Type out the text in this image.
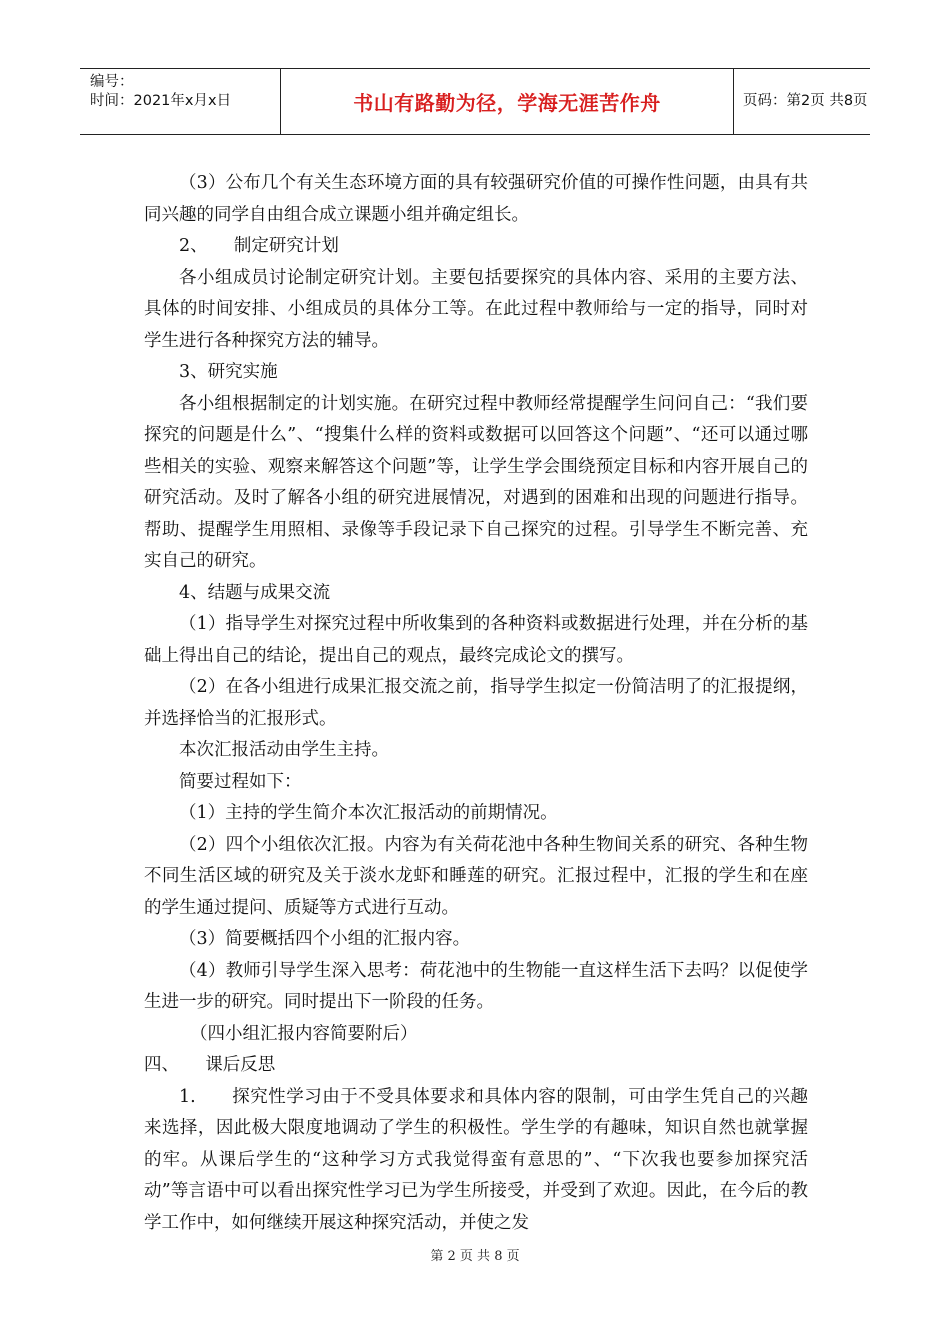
编号：
时间：2021年x月x日	书山有路勤为径，学海无涯苦作舟	页码：第2页 共8页

（3）公布几个有关生态环境方面的具有较强研究价值的可操作性问题，由具有共同兴趣的同学自由组合成立课题小组并确定组长。

2、　　制定研究计划

各小组成员讨论制定研究计划。主要包括要探究的具体内容、采用的主要方法、具体的时间安排、小组成员的具体分工等。在此过程中教师给与一定的指导，同时对学生进行各种探究方法的辅导。

3、研究实施

各小组根据制定的计划实施。在研究过程中教师经常提醒学生问问自己：“我们要探究的问题是什么”、“搜集什么样的资料或数据可以回答这个问题”、“还可以通过哪些相关的实验、观察来解答这个问题”等，让学生学会围绕预定目标和内容开展自己的研究活动。及时了解各小组的研究进展情况，对遇到的困难和出现的问题进行指导。帮助、提醒学生用照相、录像等手段记录下自己探究的过程。引导学生不断完善、充实自己的研究。

4、结题与成果交流

（1）指导学生对探究过程中所收集到的各种资料或数据进行处理，并在分析的基础上得出自己的结论，提出自己的观点，最终完成论文的撰写。

（2）在各小组进行成果汇报交流之前，指导学生拟定一份简洁明了的汇报提纲，并选择恰当的汇报形式。

本次汇报活动由学生主持。

简要过程如下：

（1）主持的学生简介本次汇报活动的前期情况。

（2）四个小组依次汇报。内容为有关荷花池中各种生物间关系的研究、各种生物不同生活区域的研究及关于淡水龙虾和睡莲的研究。汇报过程中，汇报的学生和在座的学生通过提问、质疑等方式进行互动。

（3）简要概括四个小组的汇报内容。

（4）教师引导学生深入思考：荷花池中的生物能一直这样生活下去吗？以促使学生进一步的研究。同时提出下一阶段的任务。

（四小组汇报内容简要附后）

四、　　课后反思

1.　　探究性学习由于不受具体要求和具体内容的限制，可由学生凭自己的兴趣来选择，因此极大限度地调动了学生的积极性。学生学的有趣味，知识自然也就掌握的牢。从课后学生的“这种学习方式我觉得蛮有意思的”、“下次我也要参加探究活动”等言语中可以看出探究性学习已为学生所接受，并受到了欢迎。因此，在今后的教学工作中，如何继续开展这种探究活动，并使之发

第 2 页 共 8 页
